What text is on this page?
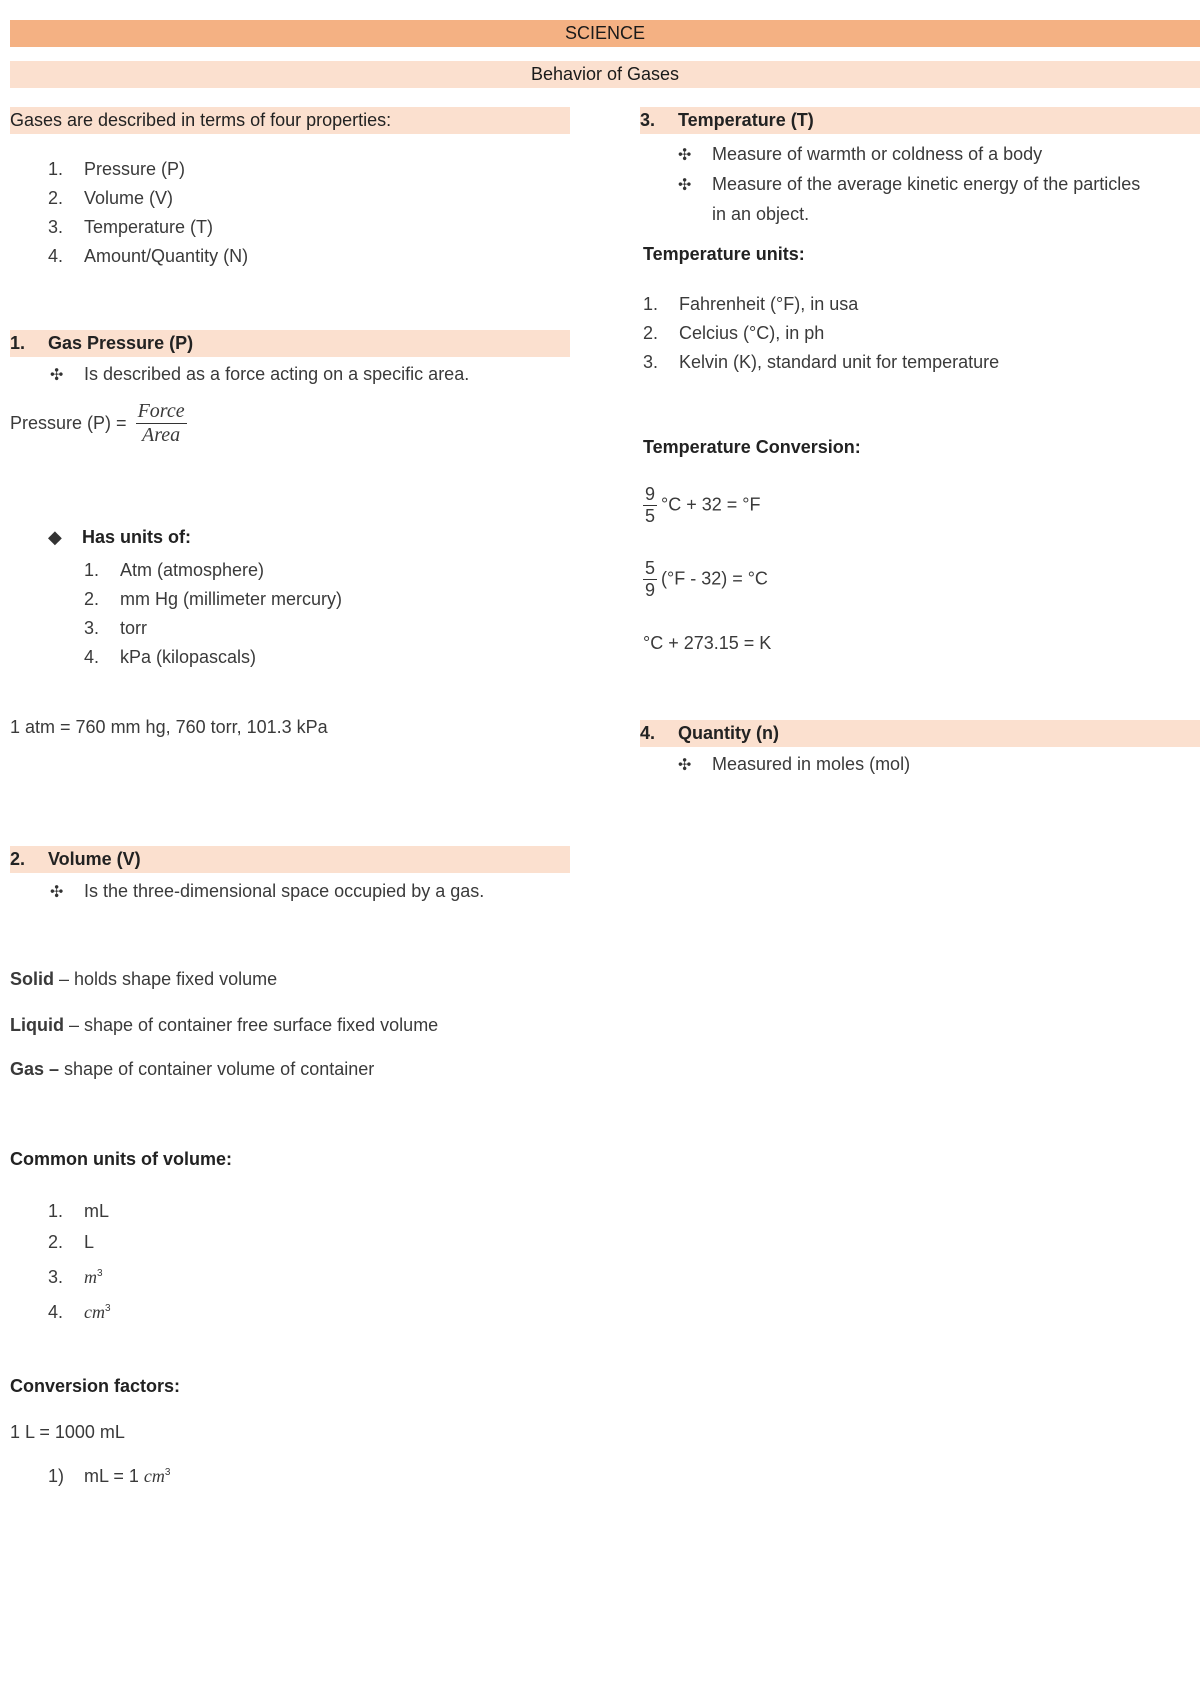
SCIENCE
Behavior of Gases
Gases are described in terms of four properties:
1. Pressure (P)
2. Volume (V)
3. Temperature (T)
4. Amount/Quantity (N)
1. Gas Pressure (P)
✣ Is described as a force acting on a specific area.
Pressure $(P) = \frac{\text{Force}}{\text{Area}}$
◆ Has units of:
1. Atm (atmosphere)
2. mm Hg (millimeter mercury)
3. torr
4. kPa (kilopascals)
1 atm = 760 mm hg, 760 torr, 101.3 kPa
2. Volume (V)
✣ Is the three-dimensional space occupied by a gas.
Solid – holds shape fixed volume
Liquid – shape of container free surface fixed volume
Gas – shape of container volume of container
Common units of volume:
1. mL
2. L
3. $m^3$
4. $cm^3$
Conversion factors:
1 L = 1000 mL
1) mL = 1 $cm^3$
3. Temperature (T)
✣ Measure of warmth or coldness of a body
✣ Measure of the average kinetic energy of the particles
in an object.
Temperature units:
1. Fahrenheit (°F), in usa
2. Celcius (°C), in ph
3. Kelvin (K), standard unit for temperature
Temperature Conversion:
$\frac{9}{5} ^\circ C + 32 = ^\circ F$
$\frac{5}{9} (^\circ F - 32) = ^\circ C$
°C + 273.15 = K
4. Quantity (n)
✣ Measured in moles (mol)
